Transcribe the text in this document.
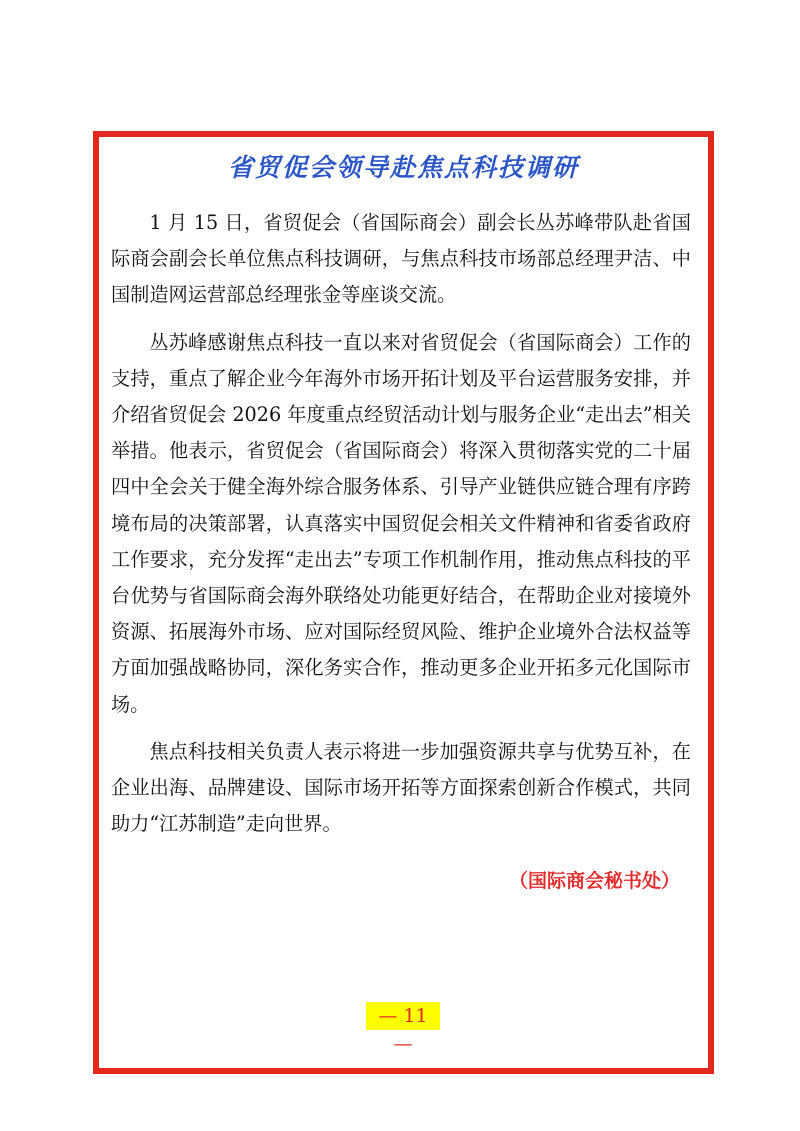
省贸促会领导赴焦点科技调研

1 月 15 日，省贸促会（省国际商会）副会长丛苏峰带队赴省国际商会副会长单位焦点科技调研，与焦点科技市场部总经理尹洁、中国制造网运营部总经理张金等座谈交流。

丛苏峰感谢焦点科技一直以来对省贸促会（省国际商会）工作的支持，重点了解企业今年海外市场开拓计划及平台运营服务安排，并介绍省贸促会 2026 年度重点经贸活动计划与服务企业“走出去”相关举措。他表示，省贸促会（省国际商会）将深入贯彻落实党的二十届四中全会关于健全海外综合服务体系、引导产业链供应链合理有序跨境布局的决策部署，认真落实中国贸促会相关文件精神和省委省政府工作要求，充分发挥“走出去”专项工作机制作用，推动焦点科技的平台优势与省国际商会海外联络处功能更好结合，在帮助企业对接境外资源、拓展海外市场、应对国际经贸风险、维护企业境外合法权益等方面加强战略协同，深化务实合作，推动更多企业开拓多元化国际市场。

焦点科技相关负责人表示将进一步加强资源共享与优势互补，在企业出海、品牌建设、国际市场开拓等方面探索创新合作模式，共同助力“江苏制造”走向世界。

（国际商会秘书处）
— 11 —
